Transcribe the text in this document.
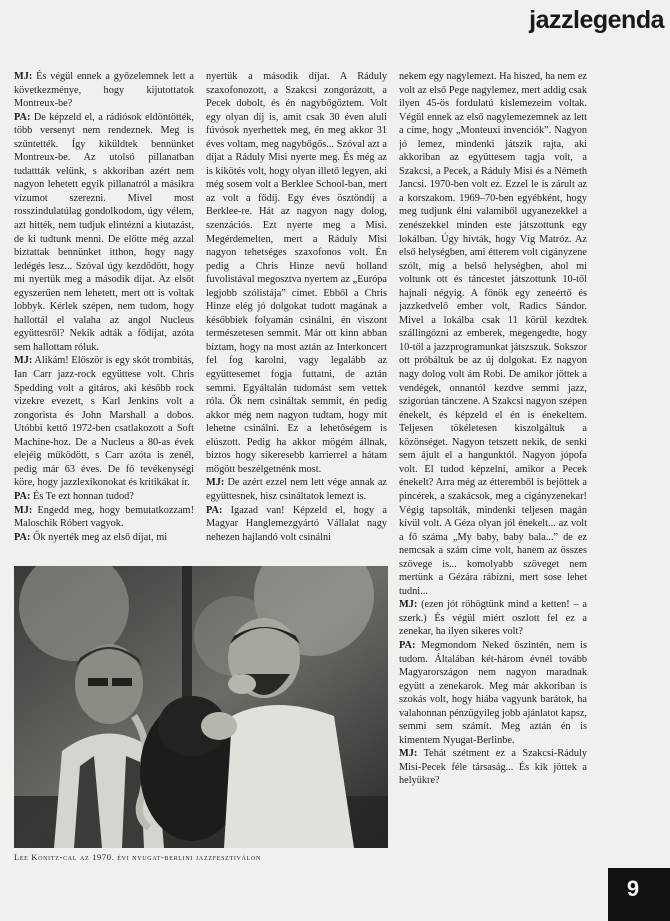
jazzlegenda

MJ: És végül ennek a győzelemnek lett a következménye, hogy kijutottatok Montreux-be?

PA: De képzeld el, a rádiósok eldöntötték, több versenyt nem rendeznek. Meg is szüntették. Így kiküldtek bennünket Montreux-be. Az utolsó pillanatban tudattták velünk, s akkoriban azért nem nagyon lehetett egyik pillanatról a másikra vízumot szerezni. Mivel most rosszindulatúlag gondolkodom, úgy vélem, azt hitték, nem tudjuk elintézni a kiutazást, de ki tudtunk menni. De előtte még azzal biztattak bennünket itthon, hogy nagy ledégés lesz... Szóval úgy kezdődött, hogy mi nyertük meg a második díjat. Az elsőt egyszerűen nem lehetett, mert ott is voltak lobbyk. Kérlek szépen, nem tudom, hogy hallottál el valaha az angol Nucleus együttesről? Nekik adták a fődíjat, azóta sem hallottam róluk.

MJ: Alikám! Először is egy skót trombitás, Ian Carr jazz-rock együttese volt. Chris Spedding volt a gitáros, aki később rock vizekre evezett, s Karl Jenkins volt a zongorista és John Marshall a dobos. Utóbbi kettő 1972-ben csatlakozott a Soft Machine-hoz. De a Nucleus a 80-as évek elejéig működött, s Carr azóta is zenél, pedig már 63 éves. De fő tevékenységi köre, hogy jazzlexikonokat és kritikákat ír.

PA: És Te ezt honnan tudod?

MJ: Engedd meg, hogy bemutatkozzam! Maloschik Róbert vagyok.

PA: Ők nyerték meg az első díjat, mi

nyertük a második díjat. A Ráduly szaxofonozott, a Szakcsi zongorázott, a Pecek dobolt, és én nagybőgőztem. Volt egy olyan díj is, amit csak 30 éven aluli fúvósok nyerhettek meg, én meg akkor 31 éves voltam, meg nagybőgős... Szóval azt a díjat a Ráduly Misi nyerte meg. És még az is kikötés volt, hogy olyan illető legyen, aki még sosem volt a Berklee School-ban, mert az volt a fődíj. Egy éves ösztöndíj a Berklee-re. Hát az nagyon nagy dolog, szenzációs. Ezt nyerte meg a Misi. Megérdemelten, mert a Ráduly Misi nagyon tehetséges szaxofonos volt. Én pedig a Chris Hinze nevű holland fuvolistával megosztva nyertem az „Európa legjobb szólistája” címet. Ebből a Chris Hinze elég jó dolgokat tudott magának a későbbiek folyamán csinálni, én viszont természetesen semmit. Már ott kinn abban bíztam, hogy na most aztán az Interkoncert fel fog karolni, vagy legalább az együttesemet fogja futtatni, de aztán semmi. Egyáltalán tudomást sem vettek róla. Ők nem csináltak semmit, én pedig akkor még nem nagyon tudtam, hogy mit lehetne csinálni. Ez a lehetőségem is elúszott. Pedig ha akkor mögém állnak, biztos hogy sikeresebb karrierrel a hátam mögött beszélgetnénk most.

MJ: De azért ezzel nem lett vége annak az együttesnek, hisz csináltatok lemezt is.

PA: Igazad van! Képzeld el, hogy a Magyar Hanglemezgyártó Vállalat nagy nehezen hajlandó volt csinálni

nekem egy nagylemezt. Ha hiszed, ha nem ez volt az első Pege nagylemez, mert addig csak ilyen 45-ös fordulatú kislemezeim voltak. Végül ennek az első nagylemezemnek az lett a címe, hogy „Monteuxi invenciók”. Nagyon jó lemez, mindenki játszik rajta, aki akkoriban az együttesem tagja volt, a Szakcsi, a Pecek, a Ráduly Misi és a Németh Jancsi. 1970-ben volt ez. Ezzel le is zárult az a korszakom. 1969–70-ben egyébként, hogy meg tudjunk élni valamiből ugyanezekkel a zenészekkel minden este játszottunk egy lokálban. Úgy hívták, hogy Víg Matróz. Az első helységben, ami étterem volt cigányzene szólt, míg a belső helységben, ahol mi voltunk ott és táncestet játszottunk 10-től hajnali négyig. A főnök egy zeneértő és jazzkedvelő ember volt, Radics Sándor. Mivel a lokálba csak 11 körül kezdtek szállingózni az emberek, megengedte, hogy 10-től a jazzprogramunkat játszszuk. Sokszor ott próbáltuk be az új dolgokat. Ez nagyon nagy dolog volt ám Robi. De amikor jöttek a vendégek, onnantól kezdve semmi jazz, szigorúan tánczene. A Szakcsi nagyon szépen énekelt, és képzeld el én is énekeltem. Teljesen tökéletesen kiszolgáltuk a közönséget. Nagyon tetszett nekik, de senki sem ájult el a hangunktól. Nagyon jópofa volt. El tudod képzelni, amikor a Pecek énekelt? Arra még az étteremből is bejöttek a pincérek, a szakácsok, meg a cigányzenekar! Végig tapsolták, mindenki teljesen magán kívül volt. A Géza olyan jól énekelt... az volt a fő száma „My baby, baby bala...” de ez nemcsak a szám címe volt, hanem az összes szövege is... komolyabb szöveget nem mertünk a Gézára rábízni, mert sose lehet tudni...

MJ: (ezen jót röhögtünk mind a ketten! – a szerk.) És végül miért oszlott fel ez a zenekar, ha ilyen sikeres volt?

PA: Megmondom Neked őszintén, nem is tudom. Általában két-három évnél tovább Magyarországon nem nagyon maradnak együtt a zenekarok. Meg már akkoriban is szokás volt, hogy hiába vagyunk barátok, ha valahonnan pénzügyileg jobb ajánlatot kapsz, semmi sem számít. Meg aztán én is kimentem Nyugat-Berlinbe.

MJ: Tehát szétment ez a Szakcsi-Ráduly Misi-Pecek féle társaság... És kik jöttek a helyükre?

Lee Konitz-cal az 1970. évi nyugat-berlini jazzfesztiválon
9
